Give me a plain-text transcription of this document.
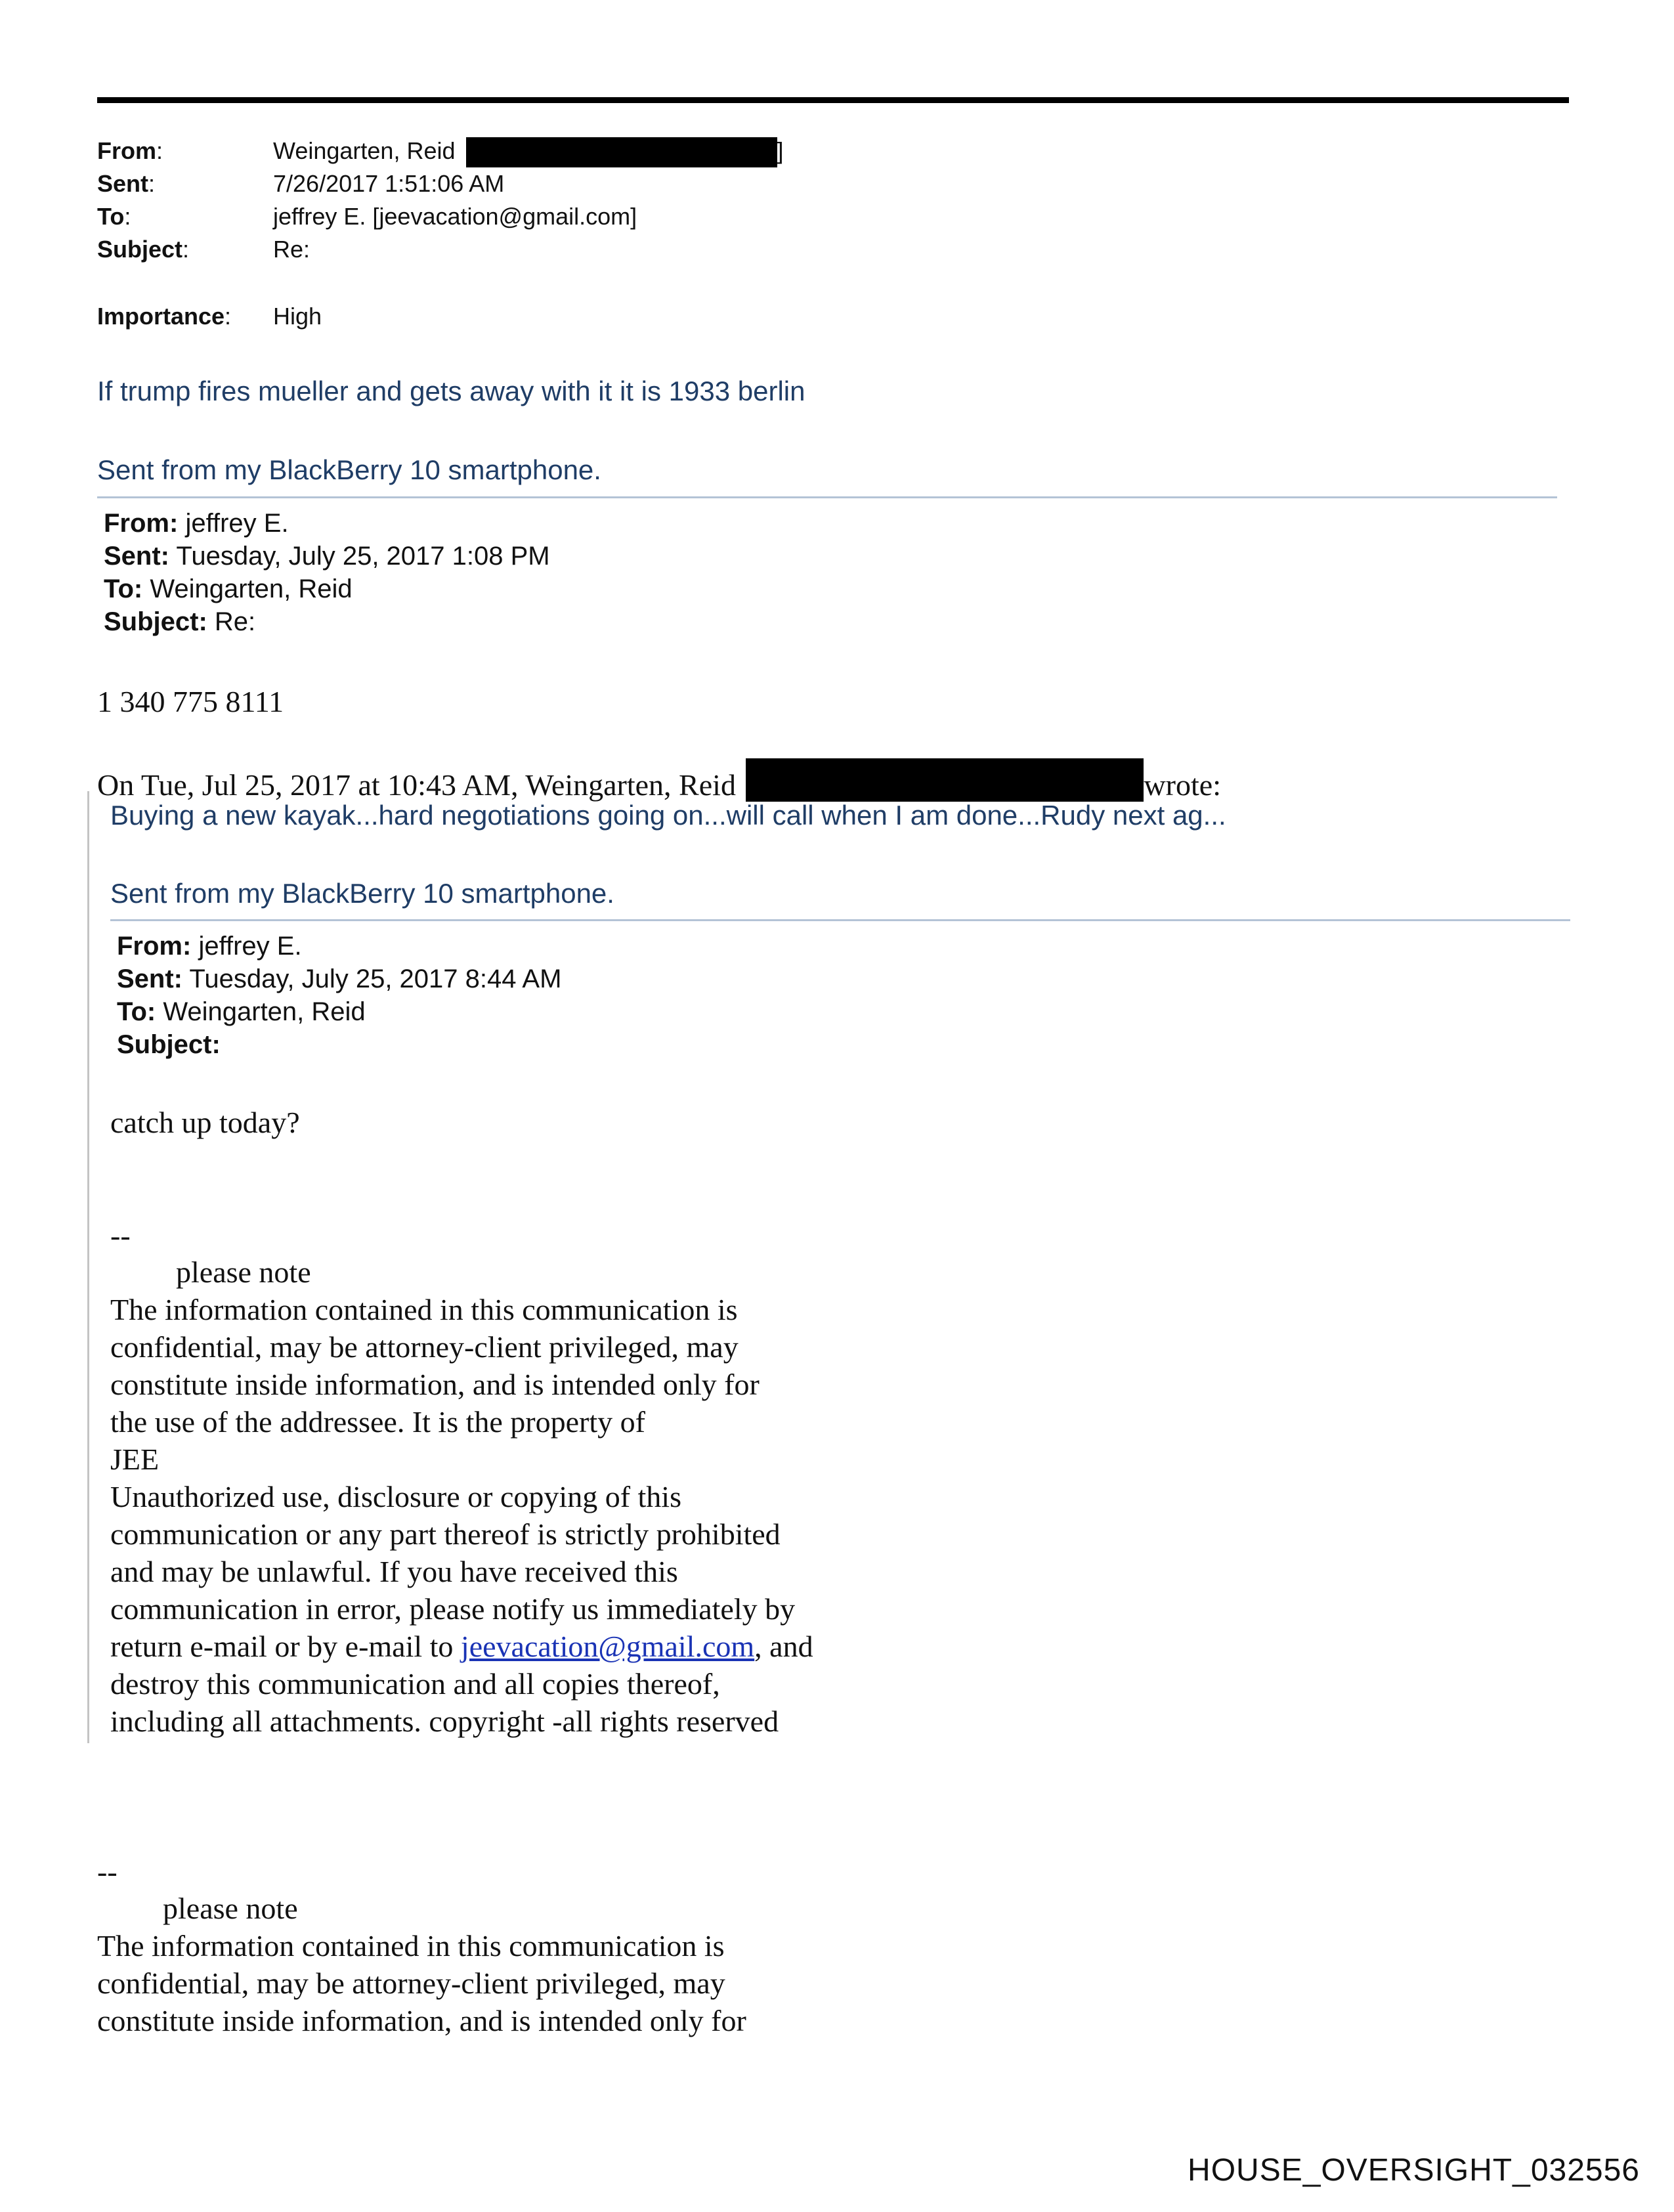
From:	Weingarten, Reid	]
Sent:	7/26/2017 1:51:06 AM
To:	jeffrey E. [jeevacation@gmail.com]
Subject:	Re:
Importance: High
If trump fires mueller and gets away with it it is 1933 berlin
Sent from my BlackBerry 10 smartphone.
From: jeffrey E.
Sent: Tuesday, July 25, 2017 1:08 PM
To: Weingarten, Reid
Subject: Re:
1 340 775 8111
On Tue, Jul 25, 2017 at 10:43 AM, Weingarten, Reid	wrote:
Buying a new kayak...hard negotiations going on...will call when I am done...Rudy next ag...
Sent from my BlackBerry 10 smartphone.
From: jeffrey E.
Sent: Tuesday, July 25, 2017 8:44 AM
To: Weingarten, Reid
Subject:
catch up today?
--
please note
The information contained in this communication is
confidential, may be attorney-client privileged, may
constitute inside information, and is intended only for
the use of the addressee. It is the property of
JEE
Unauthorized use, disclosure or copying of this
communication or any part thereof is strictly prohibited
and may be unlawful. If you have received this
communication in error, please notify us immediately by
return e-mail or by e-mail to jeevacation@gmail.com, and
destroy this communication and all copies thereof,
including all attachments. copyright -all rights reserved
--
please note
The information contained in this communication is
confidential, may be attorney-client privileged, may
constitute inside information, and is intended only for
HOUSE_OVERSIGHT_032556
